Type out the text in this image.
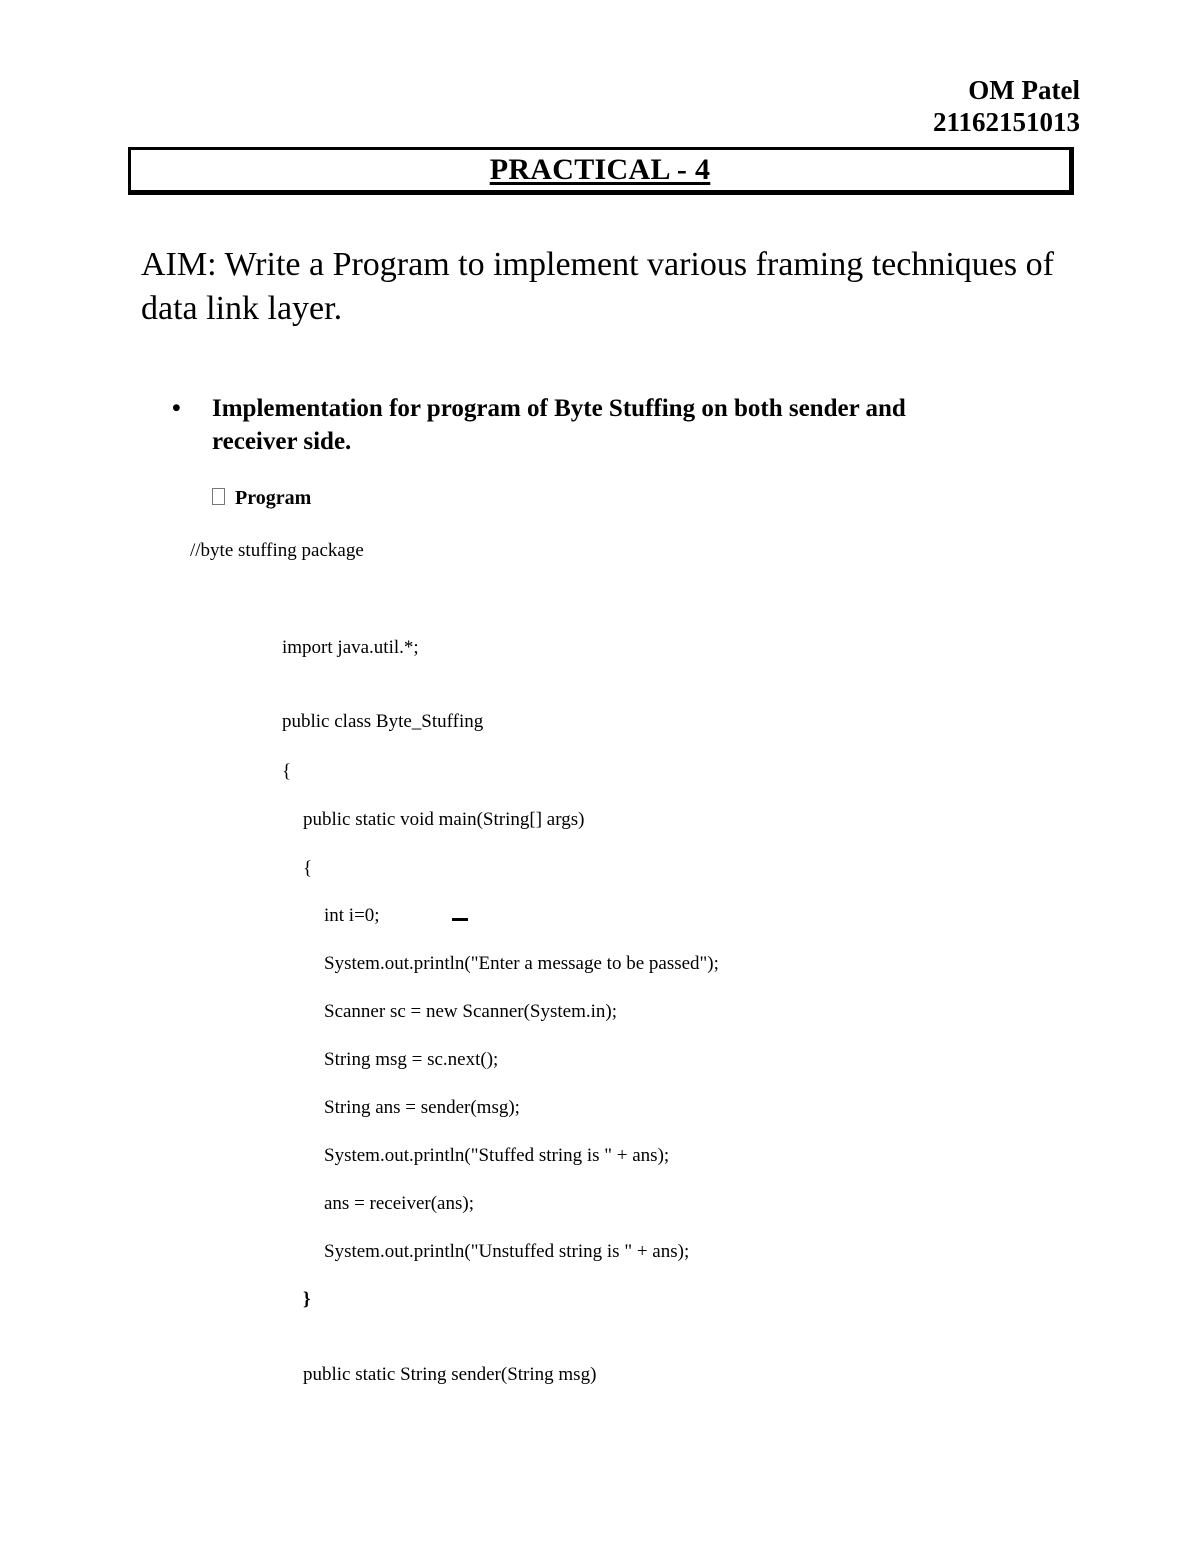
OM Patel
21162151013
PRACTICAL - 4
AIM: Write a Program to implement various framing techniques of data link layer.
•	Implementation for program of Byte Stuffing on both sender and receiver side.
Program
//byte stuffing package
import java.util.*;
public class Byte_Stuffing
{
public static void main(String[] args)
{
int i=0;
System.out.println("Enter a message to be passed");
Scanner sc = new Scanner(System.in);
String msg = sc.next();
String ans = sender(msg);
System.out.println("Stuffed string is " + ans);
ans = receiver(ans);
System.out.println("Unstuffed string is " + ans);
}
public static String sender(String msg)
